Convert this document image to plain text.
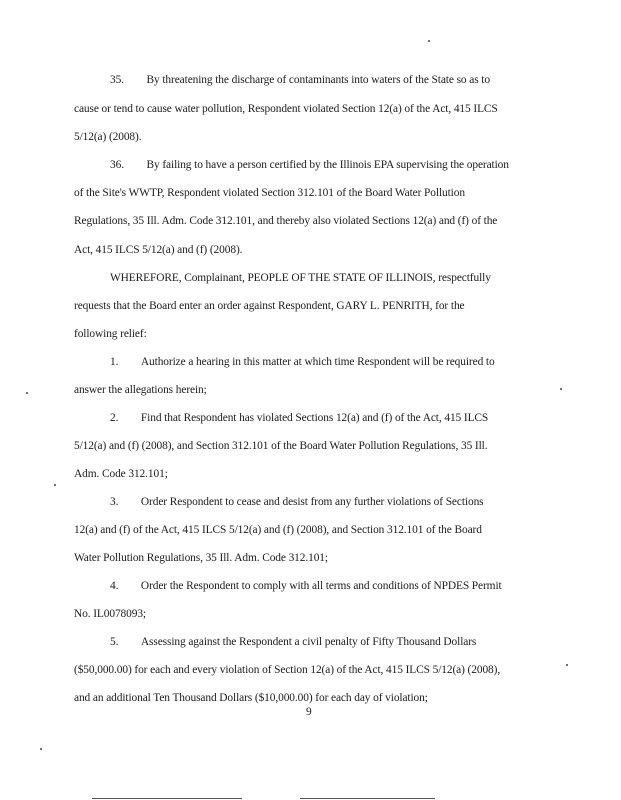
35.  By threatening the discharge of contaminants into waters of the State so as to
cause or tend to cause water pollution, Respondent violated Section 12(a) of the Act, 415 ILCS
5/12(a) (2008).
36.  By failing to have a person certified by the Illinois EPA supervising the operation
of the Site's WWTP, Respondent violated Section 312.101 of the Board Water Pollution
Regulations, 35 Ill. Adm. Code 312.101, and thereby also violated Sections 12(a) and (f) of the
Act, 415 ILCS 5/12(a) and (f) (2008).
WHEREFORE, Complainant, PEOPLE OF THE STATE OF ILLINOIS, respectfully
requests that the Board enter an order against Respondent, GARY L. PENRITH, for the
following relief:
1.  Authorize a hearing in this matter at which time Respondent will be required to
answer the allegations herein;
2.  Find that Respondent has violated Sections 12(a) and (f) of the Act, 415 ILCS
5/12(a) and (f) (2008), and Section 312.101 of the Board Water Pollution Regulations, 35 Ill.
Adm. Code 312.101;
3.  Order Respondent to cease and desist from any further violations of Sections
12(a) and (f) of the Act, 415 ILCS 5/12(a) and (f) (2008), and Section 312.101 of the Board
Water Pollution Regulations, 35 Ill. Adm. Code 312.101;
4.  Order the Respondent to comply with all terms and conditions of NPDES Permit
No. IL0078093;
5.  Assessing against the Respondent a civil penalty of Fifty Thousand Dollars
($50,000.00) for each and every violation of Section 12(a) of the Act, 415 ILCS 5/12(a) (2008),
and an additional Ten Thousand Dollars ($10,000.00) for each day of violation;
9
